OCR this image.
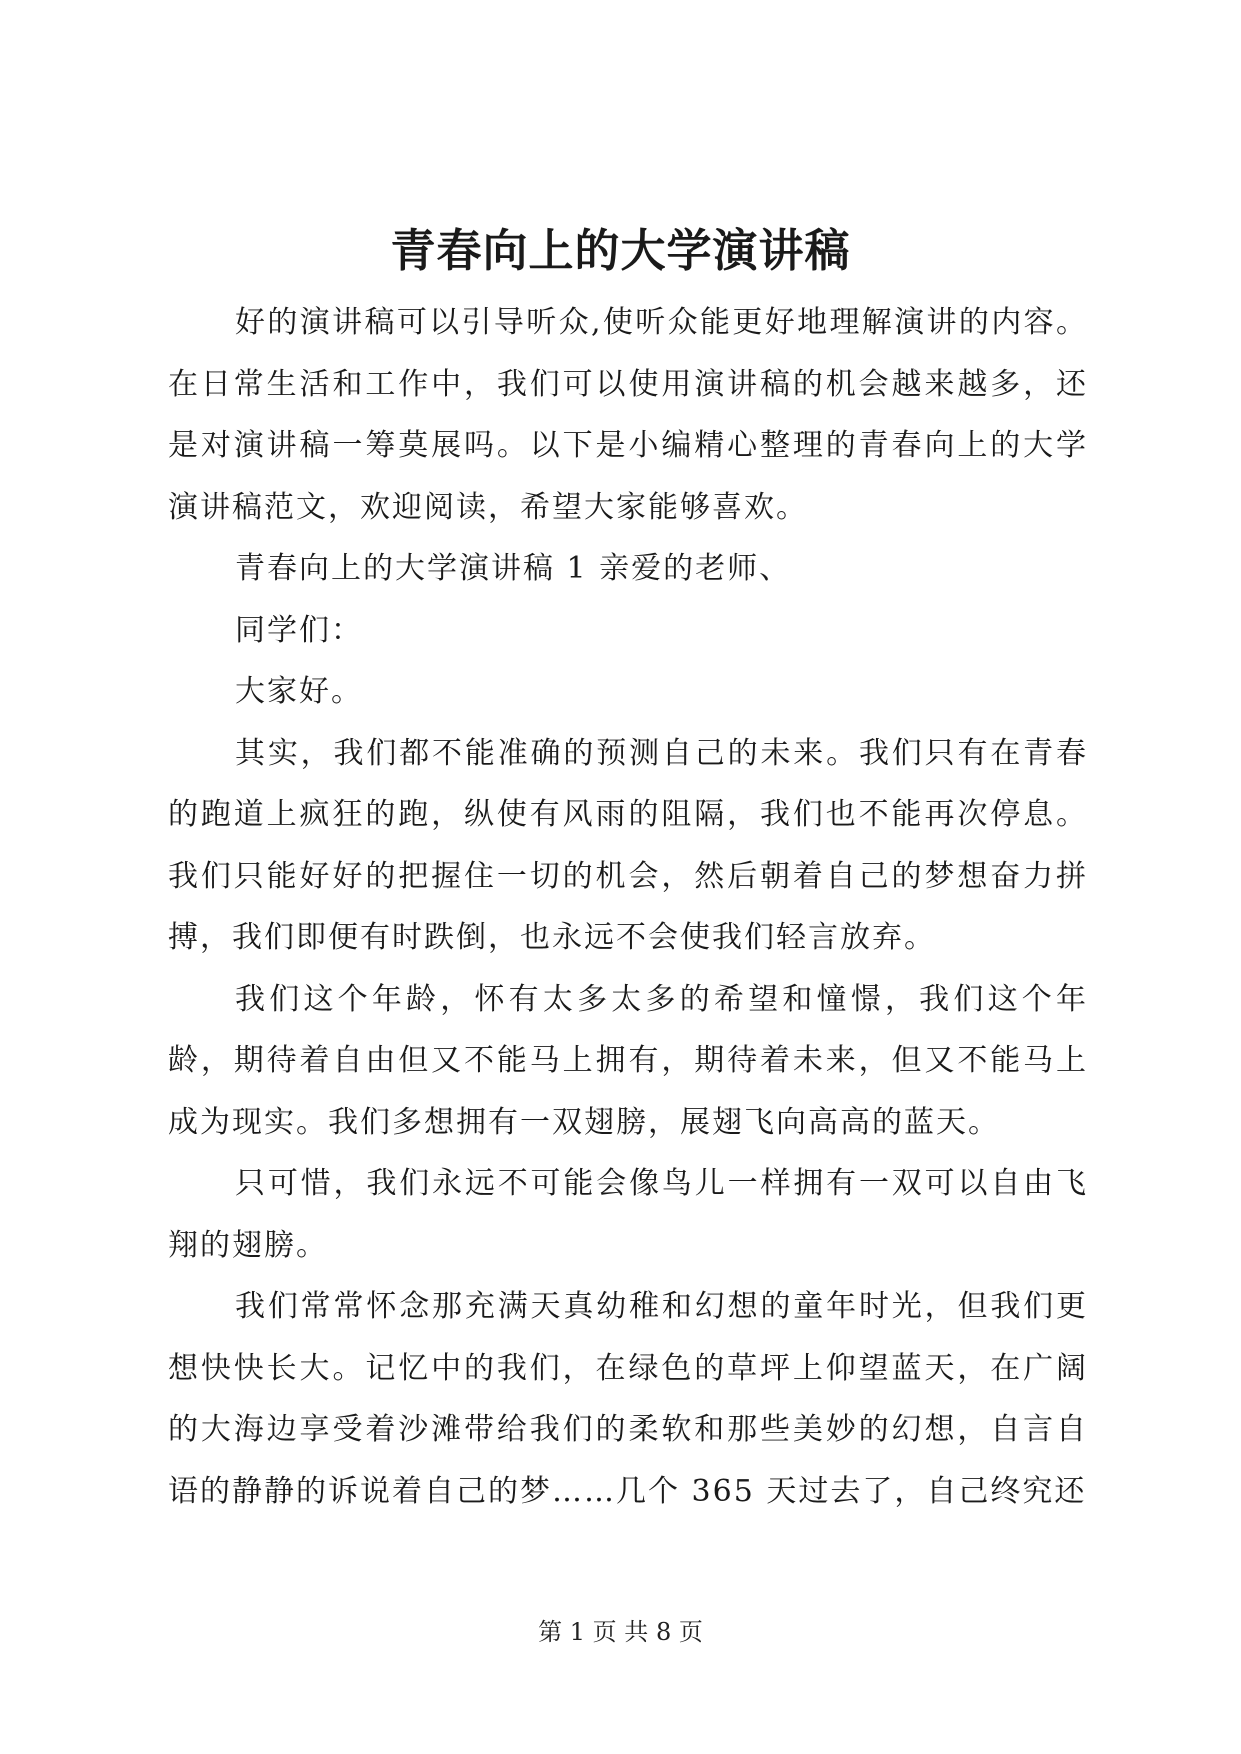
青春向上的大学演讲稿

好的演讲稿可以引导听众,使听众能更好地理解演讲的内容。在日常生活和工作中，我们可以使用演讲稿的机会越来越多，还是对演讲稿一筹莫展吗。以下是小编精心整理的青春向上的大学演讲稿范文，欢迎阅读，希望大家能够喜欢。

青春向上的大学演讲稿 1 亲爱的老师、

同学们：

大家好。

其实，我们都不能准确的预测自己的未来。我们只有在青春的跑道上疯狂的跑，纵使有风雨的阻隔，我们也不能再次停息。我们只能好好的把握住一切的机会，然后朝着自己的梦想奋力拼搏，我们即便有时跌倒，也永远不会使我们轻言放弃。

我们这个年龄，怀有太多太多的希望和憧憬，我们这个年龄，期待着自由但又不能马上拥有，期待着未来，但又不能马上成为现实。我们多想拥有一双翅膀，展翅飞向高高的蓝天。

只可惜，我们永远不可能会像鸟儿一样拥有一双可以自由飞翔的翅膀。

我们常常怀念那充满天真幼稚和幻想的童年时光，但我们更想快快长大。记忆中的我们，在绿色的草坪上仰望蓝天，在广阔的大海边享受着沙滩带给我们的柔软和那些美妙的幻想，自言自语的静静的诉说着自己的梦……几个 365 天过去了，自己终究还

第 1 页 共 8 页
